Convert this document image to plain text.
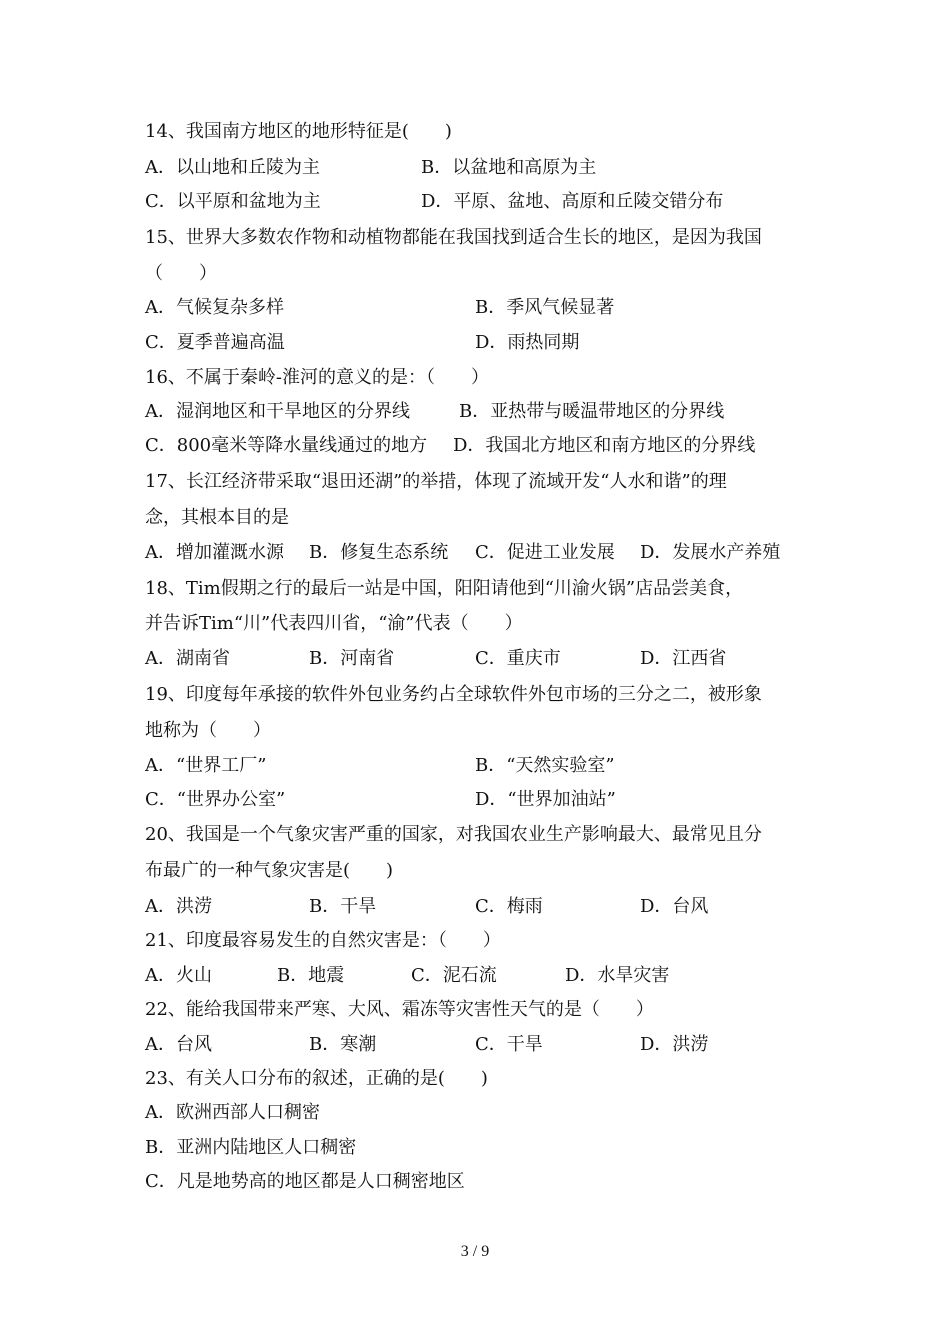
14、我国南方地区的地形特征是(　　)
A．以山地和丘陵为主	B．以盆地和高原为主
C．以平原和盆地为主	D．平原、盆地、高原和丘陵交错分布
15、世界大多数农作物和动植物都能在我国找到适合生长的地区，是因为我国
（　　）
A．气候复杂多样	B．季风气候显著
C．夏季普遍高温	D．雨热同期
16、不属于秦岭-淮河的意义的是：（　　）
A．湿润地区和干旱地区的分界线	B．亚热带与暖温带地区的分界线
C．800毫米等降水量线通过的地方 D．我国北方地区和南方地区的分界线
17、长江经济带采取“退田还湖”的举措，体现了流域开发“人水和谐”的理
念，其根本目的是
A．增加灌溉水源 B．修复生态系统 C．促进工业发展 D．发展水产养殖
18、Tim假期之行的最后一站是中国，阳阳请他到“川渝火锅”店品尝美食，
并告诉Tim“川”代表四川省，“渝”代表（　　）
A．湖南省	B．河南省	C．重庆市	D．江西省
19、印度每年承接的软件外包业务约占全球软件外包市场的三分之二，被形象
地称为（　　）
A．“世界工厂”	B．“天然实验室”
C．“世界办公室”	D．“世界加油站”
20、我国是一个气象灾害严重的国家，对我国农业生产影响最大、最常见且分
布最广的一种气象灾害是(　　)
A．洪涝	B．干旱	C．梅雨	D．台风
21、印度最容易发生的自然灾害是：（　　）
A．火山	B．地震	C．泥石流	D．水旱灾害
22、能给我国带来严寒、大风、霜冻等灾害性天气的是（　　）
A．台风	B．寒潮	C．干旱	D．洪涝
23、有关人口分布的叙述，正确的是(　　)
A．欧洲西部人口稠密
B．亚洲内陆地区人口稠密
C．凡是地势高的地区都是人口稠密地区
3 / 9
